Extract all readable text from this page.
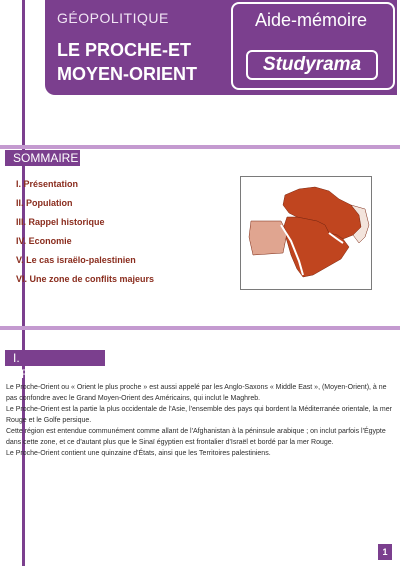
GÉOPOLITIQUE
LE PROCHE-ET MOYEN-ORIENT
Aide-mémoire
Studyrama
SOMMAIRE
I. Présentation
II. Population
III. Rappel historique
IV. Economie
V. Le cas israëlo-palestinien
VI. Une zone de conflits majeurs
I. PRÉSENTATION

Le Proche-Orient ou « Orient le plus proche » est aussi appelé par les Anglo-Saxons « Middle East », (Moyen-Orient), à ne pas confondre avec le Grand Moyen-Orient des Américains, qui inclut le Maghreb.

Le Proche-Orient est la partie la plus occidentale de l'Asie, l'ensemble des pays qui bordent la Méditerranée orientale, la mer Rouge et le Golfe persique.

Cette région est entendue communément comme allant de l'Afghanistan à la péninsule arabique ; on inclut parfois l'Égypte dans cette zone, et ce d'autant plus que le Sinaï égyptien est frontalier d'Israël et bordé par la mer Rouge.

Le Proche-Orient contient une quinzaine d'États, ainsi que les Territoires palestiniens.

1
